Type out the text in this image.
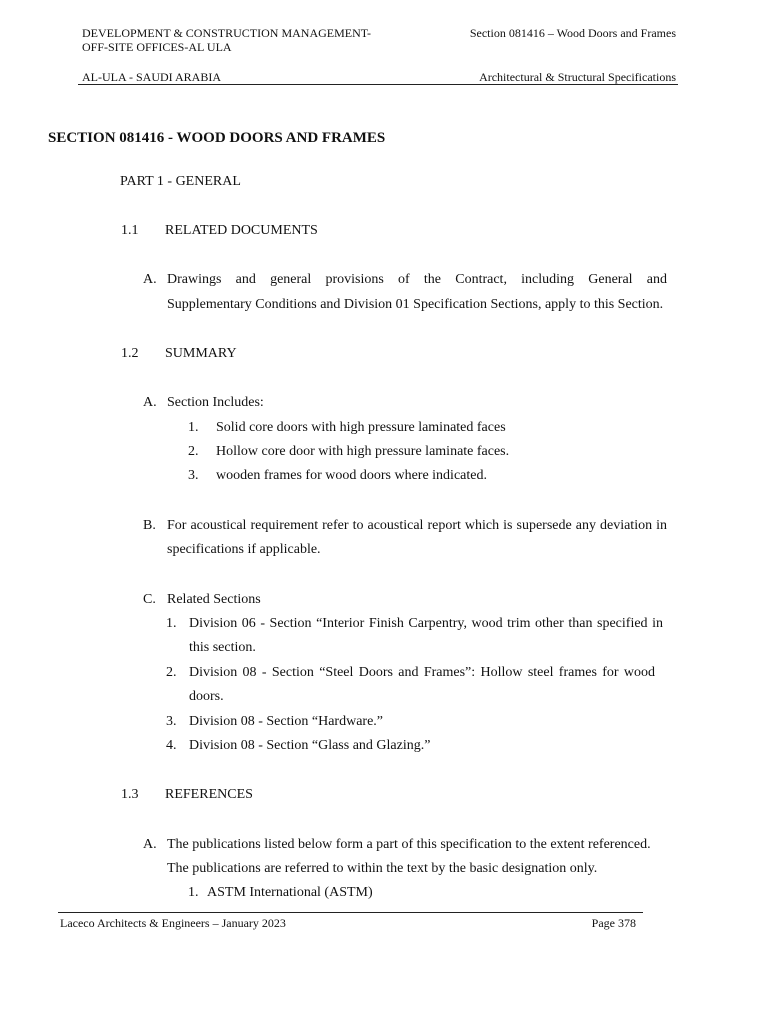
DEVELOPMENT & CONSTRUCTION MANAGEMENT-
OFF-SITE OFFICES-AL ULA
Section 081416 – Wood Doors and Frames
AL-ULA - SAUDI ARABIA	Architectural & Structural Specifications
SECTION 081416 - WOOD DOORS AND FRAMES
PART 1 - GENERAL
1.1 RELATED DOCUMENTS
A. Drawings and general provisions of the Contract, including General and
Supplementary Conditions and Division 01 Specification Sections, apply to this Section.
1.2 SUMMARY
A. Section Includes:
1. Solid core doors with high pressure laminated faces
2. Hollow core door with high pressure laminate faces.
3. wooden frames for wood doors where indicated.
B. For acoustical requirement refer to acoustical report which is supersede any deviation in
specifications if applicable.
C. Related Sections
1. Division 06 - Section “Interior Finish Carpentry, wood trim other than specified in
this section.
2. Division 08 - Section “Steel Doors and Frames”: Hollow steel frames for wood
doors.
3. Division 08 - Section “Hardware.”
4. Division 08 - Section “Glass and Glazing.”
1.3 REFERENCES
A. The publications listed below form a part of this specification to the extent referenced.
The publications are referred to within the text by the basic designation only.
1. ASTM International (ASTM)
Laceco Architects & Engineers – January 2023	Page 378
